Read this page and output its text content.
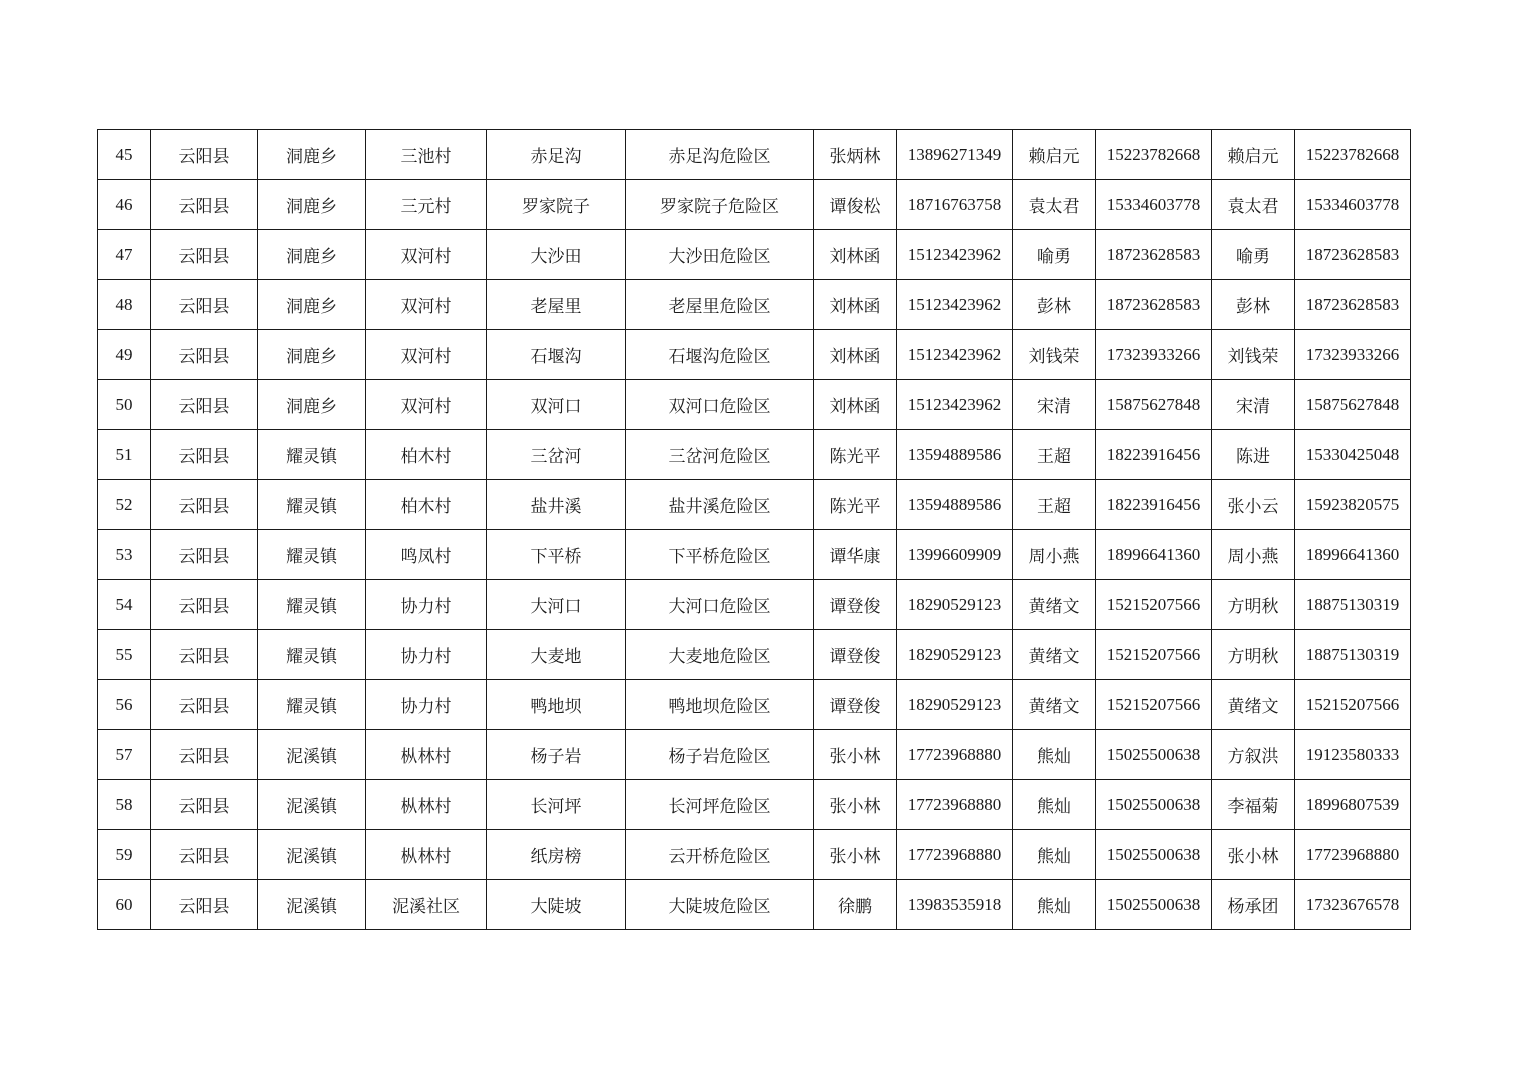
45	云阳县	洞鹿乡	三池村	赤足沟	赤足沟危险区	张炳林	13896271349	赖启元	15223782668	赖启元	15223782668
46	云阳县	洞鹿乡	三元村	罗家院子	罗家院子危险区	谭俊松	18716763758	袁太君	15334603778	袁太君	15334603778
47	云阳县	洞鹿乡	双河村	大沙田	大沙田危险区	刘林函	15123423962	喻勇	18723628583	喻勇	18723628583
48	云阳县	洞鹿乡	双河村	老屋里	老屋里危险区	刘林函	15123423962	彭林	18723628583	彭林	18723628583
49	云阳县	洞鹿乡	双河村	石堰沟	石堰沟危险区	刘林函	15123423962	刘钱荣	17323933266	刘钱荣	17323933266
50	云阳县	洞鹿乡	双河村	双河口	双河口危险区	刘林函	15123423962	宋清	15875627848	宋清	15875627848
51	云阳县	耀灵镇	柏木村	三岔河	三岔河危险区	陈光平	13594889586	王超	18223916456	陈进	15330425048
52	云阳县	耀灵镇	柏木村	盐井溪	盐井溪危险区	陈光平	13594889586	王超	18223916456	张小云	15923820575
53	云阳县	耀灵镇	鸣凤村	下平桥	下平桥危险区	谭华康	13996609909	周小燕	18996641360	周小燕	18996641360
54	云阳县	耀灵镇	协力村	大河口	大河口危险区	谭登俊	18290529123	黄绪文	15215207566	方明秋	18875130319
55	云阳县	耀灵镇	协力村	大麦地	大麦地危险区	谭登俊	18290529123	黄绪文	15215207566	方明秋	18875130319
56	云阳县	耀灵镇	协力村	鸭地坝	鸭地坝危险区	谭登俊	18290529123	黄绪文	15215207566	黄绪文	15215207566
57	云阳县	泥溪镇	枞林村	杨子岩	杨子岩危险区	张小林	17723968880	熊灿	15025500638	方叙洪	19123580333
58	云阳县	泥溪镇	枞林村	长河坪	长河坪危险区	张小林	17723968880	熊灿	15025500638	李福菊	18996807539
59	云阳县	泥溪镇	枞林村	纸房榜	云开桥危险区	张小林	17723968880	熊灿	15025500638	张小林	17723968880
60	云阳县	泥溪镇	泥溪社区	大陡坡	大陡坡危险区	徐鹏	13983535918	熊灿	15025500638	杨承团	17323676578
